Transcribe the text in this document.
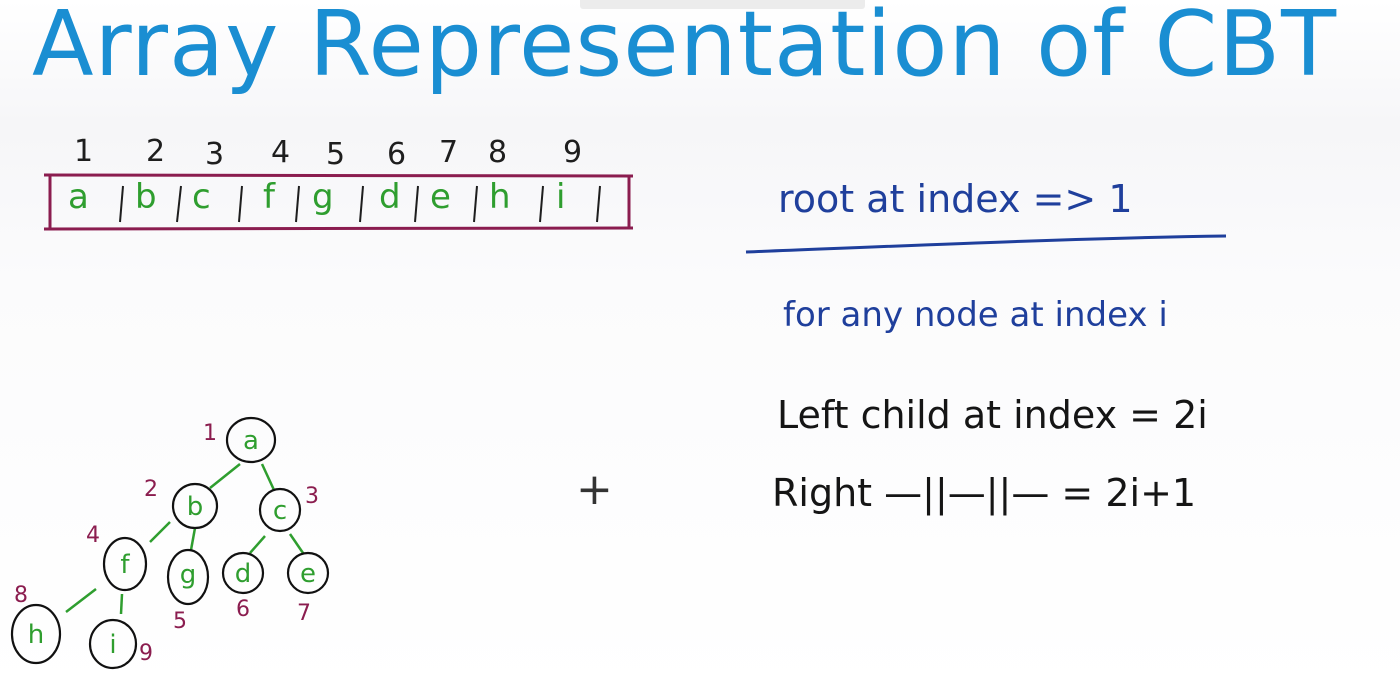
Array Representation of CBT
1 2 3 4 5 6 7 8 9
a b c f g d e h i
a
b	c
f g d e
h	i
1
2	3
4
5 6 7
8
9
root at index => 1
for any node at index i
Left child at index = 2i
Right —||—||— = 2i+1
+
